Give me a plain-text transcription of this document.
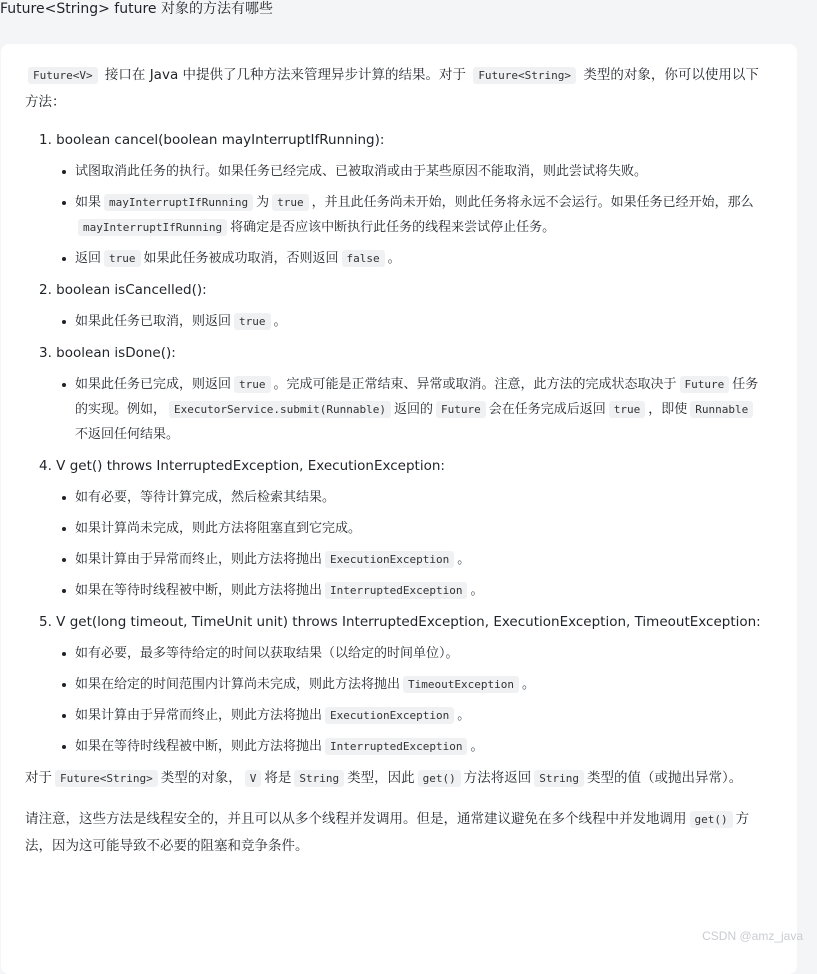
Future<String> future 对象的方法有哪些

Future<V> 接口在 Java 中提供了几种方法来管理异步计算的结果。对于 Future<String> 类型的对象，你可以使用以下方法：

1. boolean cancel(boolean mayInterruptIfRunning):
试图取消此任务的执行。如果任务已经完成、已被取消或由于某些原因不能取消，则此尝试将失败。
如果 mayInterruptIfRunning 为 true ，并且此任务尚未开始，则此任务将永远不会运行。如果任务已经开始，那么mayInterruptIfRunning 将确定是否应该中断执行此任务的线程来尝试停止任务。
返回 true 如果此任务被成功取消，否则返回 false 。
2. boolean isCancelled():
如果此任务已取消，则返回 true 。
3. boolean isDone():
如果此任务已完成，则返回 true 。完成可能是正常结束、异常或取消。注意，此方法的完成状态取决于 Future 任务的实现。例如， ExecutorService.submit(Runnable) 返回的 Future 会在任务完成后返回 true ，即使 Runnable不返回任何结果。
4. V get() throws InterruptedException, ExecutionException:
如有必要，等待计算完成，然后检索其结果。
如果计算尚未完成，则此方法将阻塞直到它完成。
如果计算由于异常而终止，则此方法将抛出 ExecutionException 。
如果在等待时线程被中断，则此方法将抛出 InterruptedException 。
5. V get(long timeout, TimeUnit unit) throws InterruptedException, ExecutionException, TimeoutException:
如有必要，最多等待给定的时间以获取结果（以给定的时间单位）。
如果在给定的时间范围内计算尚未完成，则此方法将抛出 TimeoutException 。
如果计算由于异常而终止，则此方法将抛出 ExecutionException 。
如果在等待时线程被中断，则此方法将抛出 InterruptedException 。

对于 Future<String> 类型的对象， V 将是 String 类型，因此 get() 方法将返回 String 类型的值（或抛出异常）。

请注意，这些方法是线程安全的，并且可以从多个线程并发调用。但是，通常建议避免在多个线程中并发地调用 get() 方法，因为这可能导致不必要的阻塞和竞争条件。

CSDN @amz_java
